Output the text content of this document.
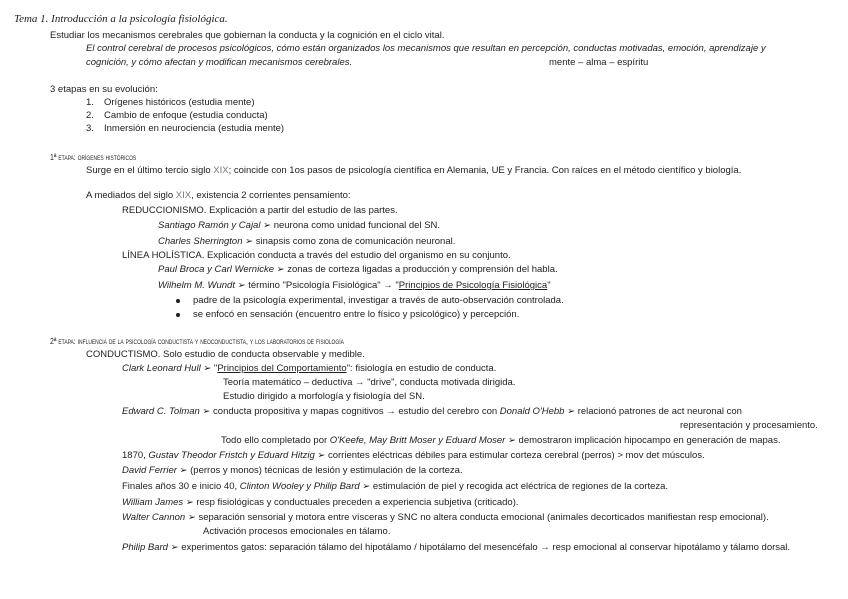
Tema 1. Introducción a la psicología fisiológica.
Estudiar los mecanismos cerebrales que gobiernan la conducta y la cognición en el ciclo vital.
El control cerebral de procesos psicológicos, cómo están organizados los mecanismos que resultan en percepción, conductas motivadas, emoción, aprendizaje y
cognición, y cómo afectan y modifican mecanismos cerebrales.	mente – alma – espíritu
3 etapas en su evolución:
1. Orígenes históricos (estudia mente)
2. Cambio de enfoque (estudia conducta)
3. Inmersión en neurociencia (estudia mente)
1ª etapa: orígenes históricos
Surge en el último tercio siglo XIX; coincide con 1os pasos de psicología científica en Alemania, UE y Francia. Con raíces en el método científico y biología.
A mediados del siglo XIX, existencia 2 corrientes pensamiento:
REDUCCIONISMO. Explicación a partir del estudio de las partes.
Santiago Ramón y Cajal ➢ neurona como unidad funcional del SN.
Charles Sherrington ➢ sinapsis como zona de comunicación neuronal.
LÍNEA HOLÍSTICA. Explicación conducta a través del estudio del organismo en su conjunto.
Paul Broca y Carl Wernicke ➢ zonas de corteza ligadas a producción y comprensión del habla.
Wilhelm M. Wundt ➢ término "Psicología Fisiológica" → "Principios de Psicología Fisiológica"
padre de la psicología experimental, investigar a través de auto-observación controlada.
se enfocó en sensación (encuentro entre lo físico y psicológico) y percepción.
2ª etapa: influencia de la psicología conductista y neoconductista, y los laboratorios de fisiología
CONDUCTISMO. Solo estudio de conducta observable y medible.
Clark Leonard Hull ➢ "Principios del Comportamiento": fisiología en estudio de conducta.
Teoría matemático – deductiva → "drive", conducta motivada dirigida.
Estudio dirigido a morfología y fisiología del SN.
Edward C. Tolman ➢ conducta propositiva y mapas cognitivos → estudio del cerebro con Donald O'Hebb ➢ relacionó patrones de act neuronal con
representación y procesamiento.
Todo ello completado por O'Keefe, May Britt Moser y Eduard Moser ➢ demostraron implicación hipocampo en generación de mapas.
1870, Gustav Theodor Fristch y Eduard Hitzig ➢ corrientes eléctricas débiles para estimular corteza cerebral (perros) > mov det músculos.
David Ferrier ➢ (perros y monos) técnicas de lesión y estimulación de la corteza.
Finales años 30 e inicio 40, Clinton Wooley y Philip Bard ➢ estimulación de piel y recogida act eléctrica de regiones de la corteza.
William James ➢ resp fisiológicas y conductuales preceden a experiencia subjetiva (criticado).
Walter Cannon ➢ separación sensorial y motora entre vísceras y SNC no altera conducta emocional (animales decorticados manifiestan resp emocional).
Activación procesos emocionales en tálamo.
Philip Bard ➢ experimentos gatos: separación tálamo del hipotálamo / hipotálamo del mesencéfalo → resp emocional al conservar hipotálamo y tálamo dorsal.
